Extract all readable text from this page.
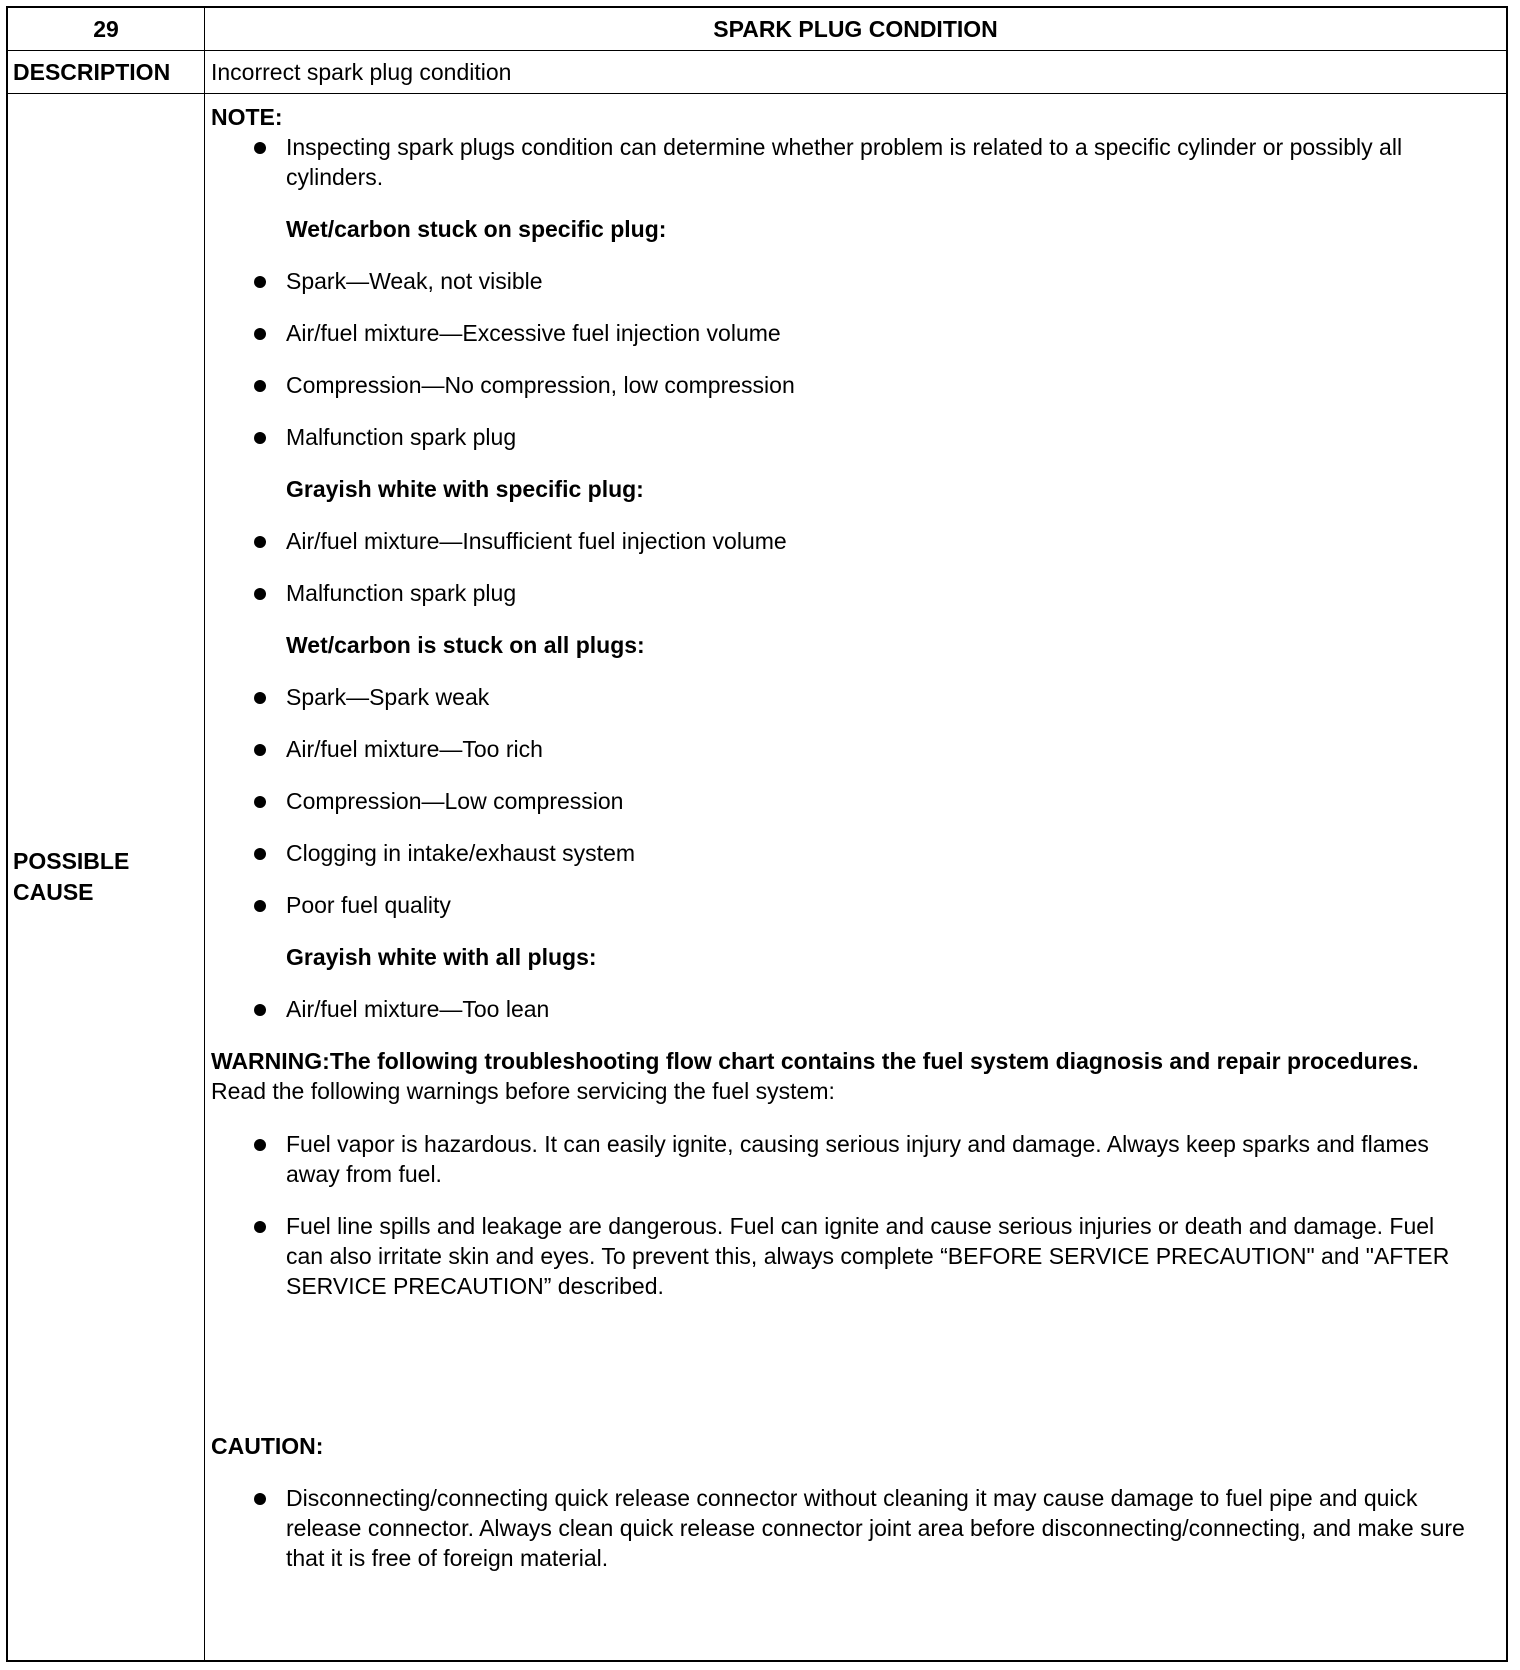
29	SPARK PLUG CONDITION
DESCRIPTION	Incorrect spark plug condition
POSSIBLE
CAUSE

NOTE:

Inspecting spark plugs condition can determine whether problem is related to a specific cylinder or possibly all cylinders.
Wet/carbon stuck on specific plug:
Spark—Weak, not visible
Air/fuel mixture—Excessive fuel injection volume
Compression—No compression, low compression
Malfunction spark plug
Grayish white with specific plug:
Air/fuel mixture—Insufficient fuel injection volume
Malfunction spark plug
Wet/carbon is stuck on all plugs:
Spark—Spark weak
Air/fuel mixture—Too rich
Compression—Low compression
Clogging in intake/exhaust system
Poor fuel quality
Grayish white with all plugs:
Air/fuel mixture—Too lean

WARNING:The following troubleshooting flow chart contains the fuel system diagnosis and repair procedures. Read the following warnings before servicing the fuel system:

Fuel vapor is hazardous. It can easily ignite, causing serious injury and damage. Always keep sparks and flames away from fuel.
Fuel line spills and leakage are dangerous. Fuel can ignite and cause serious injuries or death and damage. Fuel can also irritate skin and eyes. To prevent this, always complete “BEFORE SERVICE PRECAUTION" and "AFTER SERVICE PRECAUTION” described.

CAUTION:

Disconnecting/connecting quick release connector without cleaning it may cause damage to fuel pipe and quick release connector. Always clean quick release connector joint area before disconnecting/connecting, and make sure that it is free of foreign material.
